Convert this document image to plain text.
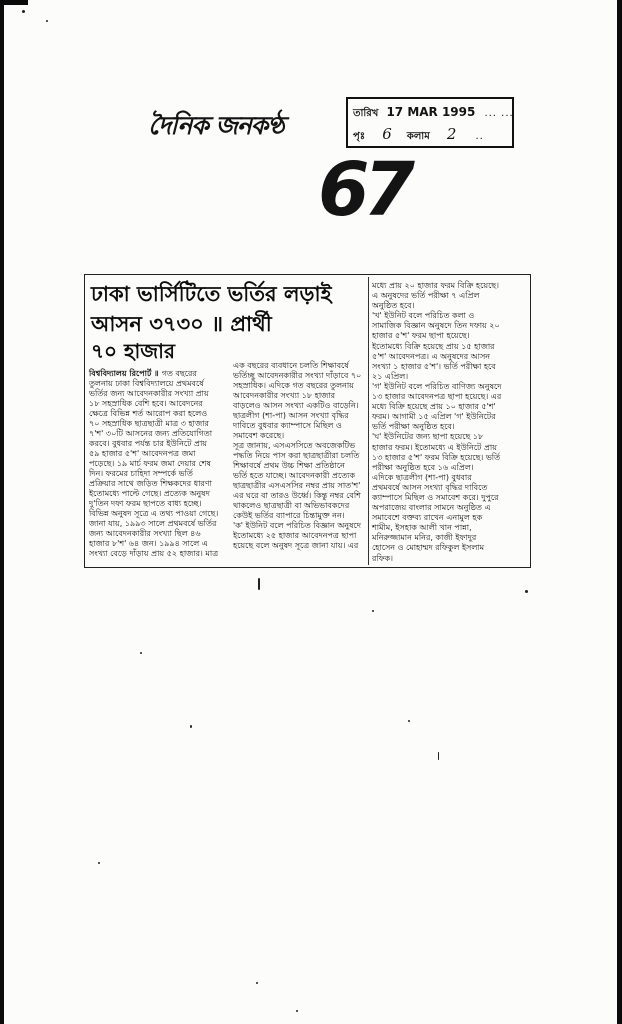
দৈনিক জনকণ্ঠ	তারিখ 17 MAR 1995 ... ...
পৃঃ 6 কলাম 2 ..
67
ঢাকা ভার্সিটিতে ভর্তির লড়াই
আসন ৩৭৩০ ॥ প্রার্থী
৭০ হাজার
বিশ্ববিদ্যালয় রিপোর্ট ॥ গত বছরের
তুলনায় ঢাকা বিশ্ববিদ্যালয়ে প্রথমবর্ষে
ভর্তির জন্য আবেদনকারীর সংখ্যা প্রায়
১৮ সহস্রাধিক বেশি হবে। আবেদনের
ক্ষেত্রে বিভিন্ন শর্ত আরোপ করা হলেও
৭০ সহস্রাধিক ছাত্রছাত্রী মাত্র ৩ হাজার
৭'শ' ৩০টি আসনের জন্য প্রতিযোগিতা
করবে। বুধবার পর্যন্ত চার ইউনিটে প্রায়
৫৯ হাজার ৫'শ' আবেদনপত্র জমা
পড়েছে। ১৯ মার্চ ফরম জমা দেয়ার শেষ
দিন। ফরমের চাহিদা সম্পর্কে ভর্তি
প্রক্রিয়ার সাথে জড়িত শিক্ষকদের ধারণা
ইতোমধ্যে পাল্টে গেছে। প্রত্যেক অনুষদ
দু'তিন দফা ফরম ছাপতে বাধ্য হচ্ছে।
বিভিন্ন অনুষদ সূত্রে এ তথ্য পাওয়া গেছে।
জানা যায়, ১৯৯৩ সালে প্রথমবর্ষে ভর্তির
জন্য আবেদনকারীর সংখ্যা ছিল ৪৬
হাজার ৮'শ' ৬৪ জন। ১৯৯৪ সালে এ
সংখ্যা বেড়ে দাঁড়ায় প্রায় ৫২ হাজার। মাত্র
এক বছরের ব্যবধানে চলতি শিক্ষাবর্ষে
ভর্তিচ্ছু আবেদনকারীর সংখ্যা দাঁড়াবে ৭০
সহস্রাধিক। এদিকে গত বছরের তুলনায়
আবেদনকারীর সংখ্যা ১৮ হাজার
বাড়লেও আসন সংখ্যা একটিও বাড়েনি।
ছাত্রলীগ (শা-পা) আসন সংখ্যা বৃদ্ধির
দাবিতে বুধবার ক্যাম্পাসে মিছিল ও
সমাবেশ করেছে।
সূত্র জানায়, এসএসসিতে অবজেকটিভ
পদ্ধতি নিয়ে পাস করা ছাত্রছাত্রীরা চলতি
শিক্ষাবর্ষে প্রথম উচ্চ শিক্ষা প্রতিষ্ঠানে
ভর্তি হতে যাচ্ছে। আবেদনকারী প্রত্যেক
ছাত্রছাত্রীর এসএসসির নম্বর প্রায় সাত'শ'
এর ঘরে বা তারও উর্ধ্বে। কিন্তু নম্বর বেশি
থাকলেও ছাত্রছাত্রী বা অভিভাবকদের
কেউই ভর্তির ব্যাপারে চিন্তামুক্ত নন।
'ক' ইউনিট বলে পরিচিত বিজ্ঞান অনুষদে
ইতোমধ্যে ২৫ হাজার আবেদনপত্র ছাপা
হয়েছে বলে অনুষদ সূত্রে জানা যায়। এর
মধ্যে প্রায় ২০ হাজার ফরম বিক্রি হয়েছে।
এ অনুষদের ভর্তি পরীক্ষা ৭ এপ্রিল
অনুষ্ঠিত হবে।
'খ' ইউনিট বলে পরিচিত কলা ও
সামাজিক বিজ্ঞান অনুষদে তিন দফায় ২০
হাজার ৫'শ' ফরম ছাপা হয়েছে।
ইতোমধ্যে বিক্রি হয়েছে প্রায় ১৫ হাজার
৫'শ' আবেদনপত্র। এ অনুষদের আসন
সংখ্যা ১ হাজার ৫'শ'। ভর্তি পরীক্ষা হবে
২১ এপ্রিল।
'গ' ইউনিট বলে পরিচিত বাণিজ্য অনুষদে
১৩ হাজার আবেদনপত্র ছাপা হয়েছে। এর
মধ্যে বিক্রি হয়েছে প্রায় ১০ হাজার ৫'শ'
ফরম। আগামী ১৫ এপ্রিল 'গ' ইউনিটের
ভর্তি পরীক্ষা অনুষ্ঠিত হবে।
'ঘ' ইউনিটের জন্য ছাপা হয়েছে ১৮
হাজার ফরম। ইতোমধ্যে এ ইউনিটে প্রায়
১৩ হাজার ৫'শ' ফরম বিক্রি হয়েছে। ভর্তি
পরীক্ষা অনুষ্ঠিত হবে ১৬ এপ্রিল।
এদিকে ছাত্রলীগ (শা-পা) বুধবার
প্রথমবর্ষে আসন সংখ্যা বৃদ্ধির দাবিতে
ক্যাম্পাসে মিছিল ও সমাবেশ করে। দুপুরে
অপরাজেয় বাংলার সামনে অনুষ্ঠিত এ
সমাবেশে বক্তব্য রাখেন এনামুল হক
শামীম, ইসহাক আলী খান পান্না,
মনিরুজ্জামান মনির, কাজী ইফাদুর
হোসেন ও মোহাম্মদ রফিকুল ইসলাম
রফিক।
